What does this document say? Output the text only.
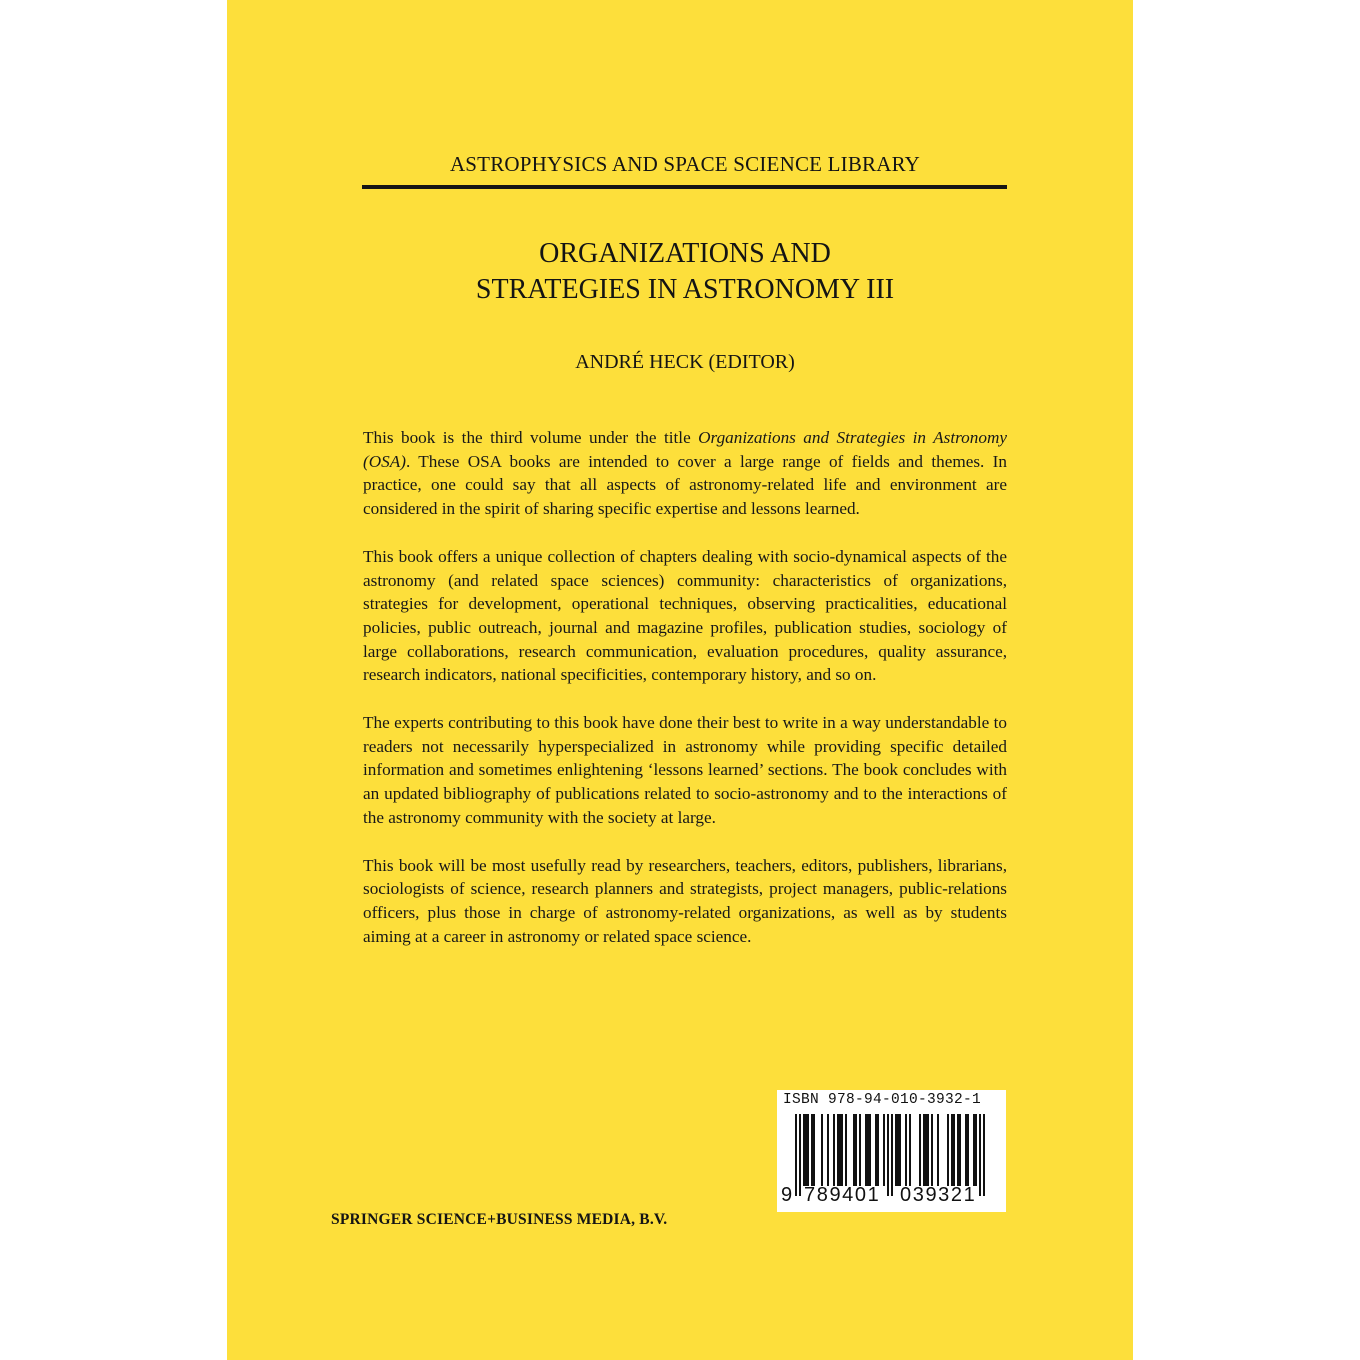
ASTROPHYSICS AND SPACE SCIENCE LIBRARY
ORGANIZATIONS AND
STRATEGIES IN ASTRONOMY III
ANDRÉ HECK (EDITOR)

This book is the third volume under the title Organizations and Strategies in Astronomy (OSA). These OSA books are intended to cover a large range of fields and themes. In practice, one could say that all aspects of astronomy-related life and environment are considered in the spirit of sharing specific expertise and lessons learned.

This book offers a unique collection of chapters dealing with socio-dynamical aspects of the astronomy (and related space sciences) community: characteristics of organizations, strategies for development, operational techniques, observing practicalities, educational policies, public outreach, journal and magazine profiles, publication studies, sociology of large collaborations, research communication, evaluation procedures, quality assurance, research indicators, national specificities, contemporary history, and so on.

The experts contributing to this book have done their best to write in a way understandable to readers not necessarily hyperspecialized in astronomy while providing specific detailed information and sometimes enlightening ‘lessons learned’ sections. The book concludes with an updated bibliography of publications related to socio-astronomy and to the interactions of the astronomy community with the society at large.

This book will be most usefully read by researchers, teachers, editors, publishers, librarians, sociologists of science, research planners and strategists, project managers, public-relations officers, plus those in charge of astronomy-related organizations, as well as by students aiming at a career in astronomy or related space science.

SPRINGER SCIENCE+BUSINESS MEDIA, B.V.
ISBN 978-94-010-3932-1
9 789401 039321
